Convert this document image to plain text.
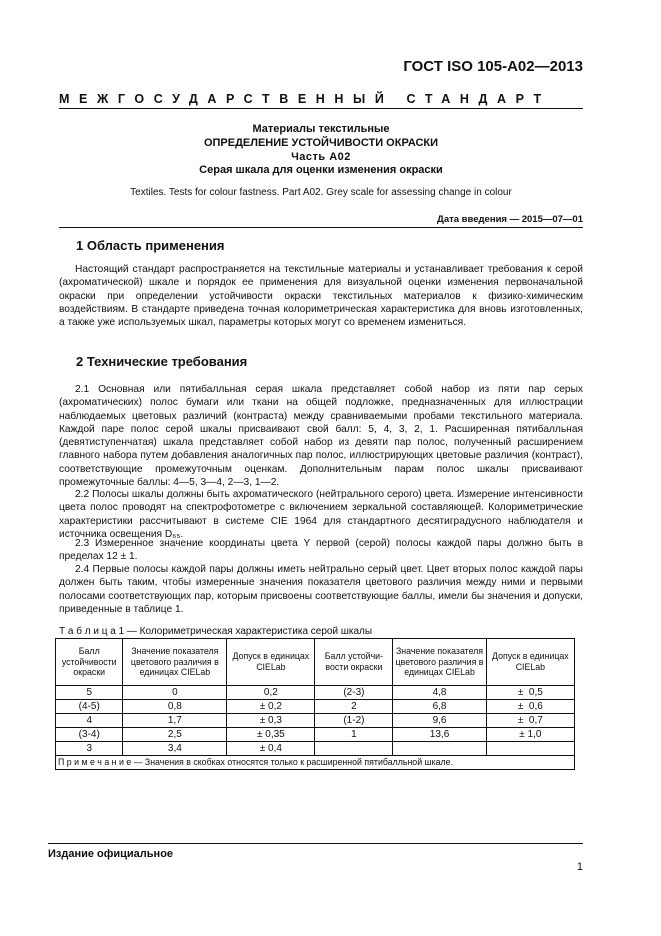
ГОСТ ISO 105-A02—2013
МЕЖГОСУДАРСТВЕННЫЙ СТАНДАРТ
Материалы текстильные
ОПРЕДЕЛЕНИЕ УСТОЙЧИВОСТИ ОКРАСКИ
Часть A02
Серая шкала для оценки изменения окраски
Textiles. Tests for colour fastness. Part A02. Grey scale for assessing change in colour
Дата введения — 2015—07—01
1 Область применения

Настоящий стандарт распространяется на текстильные материалы и устанавливает требования к серой (ахроматической) шкале и порядок ее применения для визуальной оценки изменения первоначальной окраски при определении устойчивости окраски текстильных материалов к физико-химическим воздействиям. В стандарте приведена точная колориметрическая характеристика для вновь изготовленных, а также уже используемых шкал, параметры которых могут со временем измениться.

2 Технические требования

2.1 Основная или пятибалльная серая шкала представляет собой набор из пяти пар серых (ахроматических) полос бумаги или ткани на общей подложке, предназначенных для иллюстрации наблюдаемых цветовых различий (контраста) между сравниваемыми пробами текстильного материала. Каждой паре полос серой шкалы присваивают свой балл: 5, 4, 3, 2, 1. Расширенная пятибалльная (девятиступенчатая) шкала представляет собой набор из девяти пар полос, полученный расширением главного набора путем добавления аналогичных пар полос, иллюстрирующих цветовые различия (контраст), соответствующие промежуточным оценкам. Дополнительным парам полос шкалы присваивают промежуточные баллы: 4—5, 3—4, 2—3, 1—2.

2.2 Полосы шкалы должны быть ахроматического (нейтрального серого) цвета. Измерение интенсивности цвета полос проводят на спектрофотометре с включением зеркальной составляющей. Колориметрические характеристики рассчитывают в системе CIE 1964 для стандартного десятиградусного наблюдателя и источника освещения D₆₅.

2.3 Измеренное значение координаты цвета Y первой (серой) полосы каждой пары должно быть в пределах 12 ± 1.

2.4 Первые полосы каждой пары должны иметь нейтрально серый цвет. Цвет вторых полос каждой пары должен быть таким, чтобы измеренные значения показателя цветового различия между ними и первыми полосами соответствующих пар, которым присвоены соответствующие баллы, имели бы значения и допуски, приведенные в таблице 1.

Т а б л и ц а 1 — Колориметрическая характеристика серой шкалы
Балл устойчивости окраски	Значение показателя цветового различия в единицах CIELab	Допуск в единицах CIELab	Балл устойчивости окраски	Значение показателя цветового различия в единицах CIELab	Допуск в единицах CIELab
5	0	0,2	(2-3)	4,8	±  0,5
(4-5)	0,8	± 0,2	2	6,8	±  0,6
4	1,7	± 0,3	(1-2)	9,6	±  0,7
(3-4)	2,5	± 0,35	1	13,6	± 1,0
3	3,4	± 0,4			
П р и м е ч а н и е — Значения в скобках относятся только к расширенной пятибалльной шкале.					
Издание официальное
1
